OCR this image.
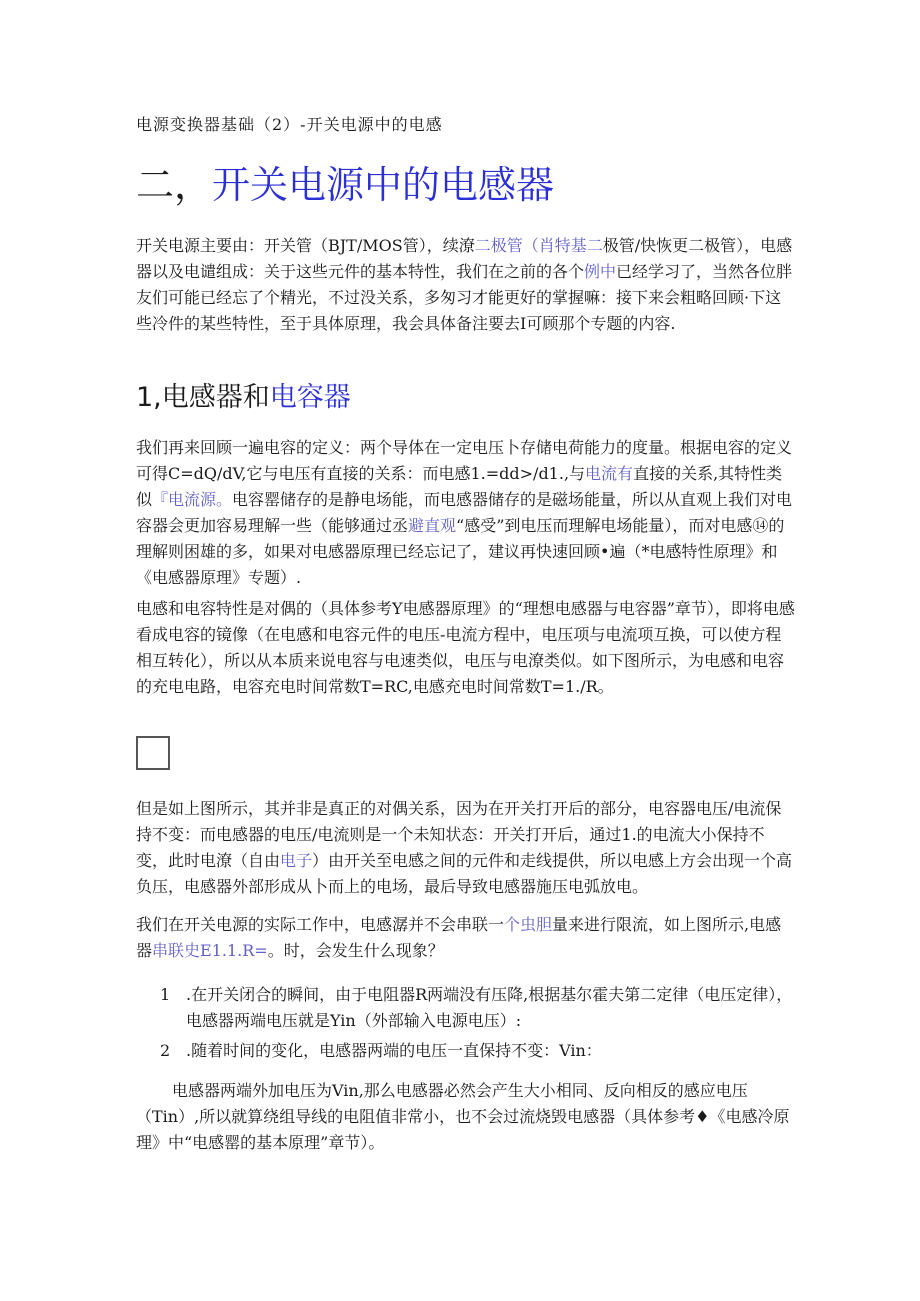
电源变换器基础（2）-开关电源中的电感
二，开关电源中的电感器

开关电源主要由：开关管（BJT/MOS管），续潦二极管（肖特基二极管/快恢更二极管），电感器以及电谴组成：关于这些元件的基本特性，我们在之前的各个例中已经学习了，当然各位胖友们可能已经忘了个精光，不过没关系，多匆习才能更好的掌握嘛：接下来会粗略回顾·下这些冷件的某些特性，至于具体原理，我会具体备注要去I可顾那个专题的内容.

1,电感器和电容器

我们再来回顾一遍电容的定义：两个导体在一定电压卜存储电荷能力的度量。根据电容的定义可得C=dQ/dV,它与电压有直接的关系：而电感1.=dd>/d1.,与电流有直接的关系,其特性类似『电流源。电容罂储存的是静电场能，而电感器储存的是磁场能量，所以从直观上我们对电容器会更加容易理解一些（能够通过丞避直观“感受”到电压而理解电场能量），而对电感⑭的理解则困雄的多，如果对电感器原理已经忘记了，建议再快速回顾•遍（*电感特性原理》和《电感器原理》专题）.

电感和电容特性是对偶的（具体参考Y电感器原理》的“理想电感器与电容器”章节），即将电感看成电容的镜像（在电感和电容元件的电压-电流方程中，电压项与电流项互换，可以使方程相互转化），所以从本质来说电容与电速类似，电压与电潦类似。如下图所示，为电感和电容的充电电路，电容充电时间常数T=RC,电感充电时间常数T=1./R。

但是如上图所示，其并非是真正的对偶关系，因为在开关打开后的部分，电容器电压/电流保持不变：而电感器的电压/电流则是一个未知状态：开关打开后，通过1.的电流大小保持不变，此时电潦（自由电子）由开关至电感之间的元件和走线提供，所以电感上方会出现一个高负压，电感器外部形成从卜而上的电场，最后导致电感器施压电弧放电。

我们在开关电源的实际工作中，电感潺并不会串联一个虫胆量来进行限流，如上图所示,电感器串联史E1.1.R=。时，会发生什么现象？

1 .在开关闭合的瞬间，由于电阻器R两端没有压降,根据基尔霍夫第二定律（电压定律），电感器两端电压就是Yin（外部输入电源电压）:
2 .随着时间的变化，电感器两端的电压一直保持不变：Vin：

电感器两端外加电压为Vin,那么电感器必然会产生大小相同、反向相反的感应电压（Tin）,所以就算绕组导线的电阻值非常小，也不会过流烧毁电感器（具体参考♦《电感冷原理》中“电感罂的基本原理”章节）。
